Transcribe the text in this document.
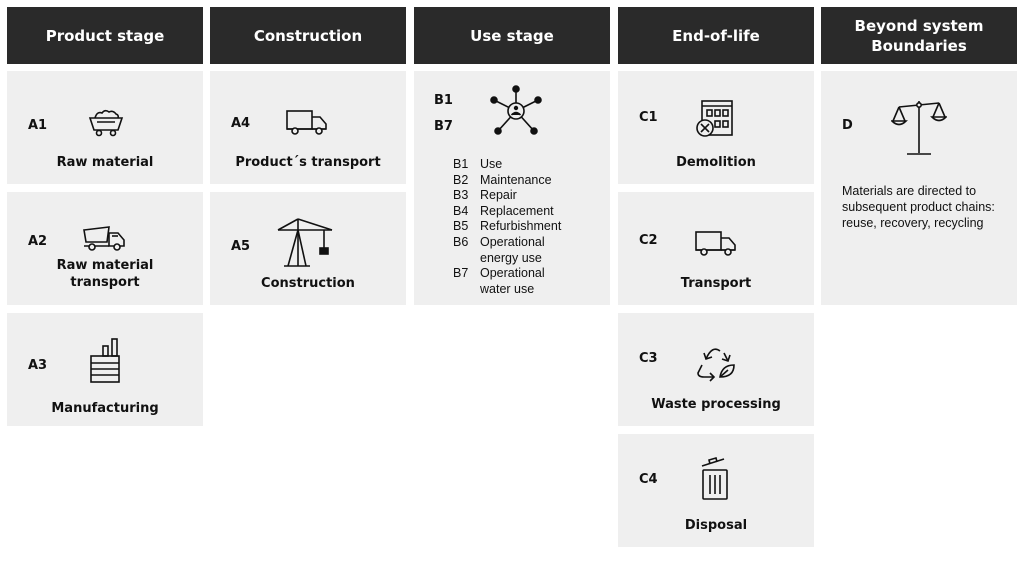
Product stage	Construction	Use stage	End-of-life
Beyond system Boundaries
A1
Raw material
A2
Raw material transport
A3
Manufacturing
A4
Product´s transport
A5
Construction
B1
B7
B1 Use
B2 Maintenance
B3 Repair
B4 Replacement
B5 Refurbishment
B6 Operational energy use
B7 Operational water use
C1
Demolition
C2
Transport
C3
Waste processing
C4
Disposal
D
Materials are directed to subsequent product chains: reuse, recovery, recycling
